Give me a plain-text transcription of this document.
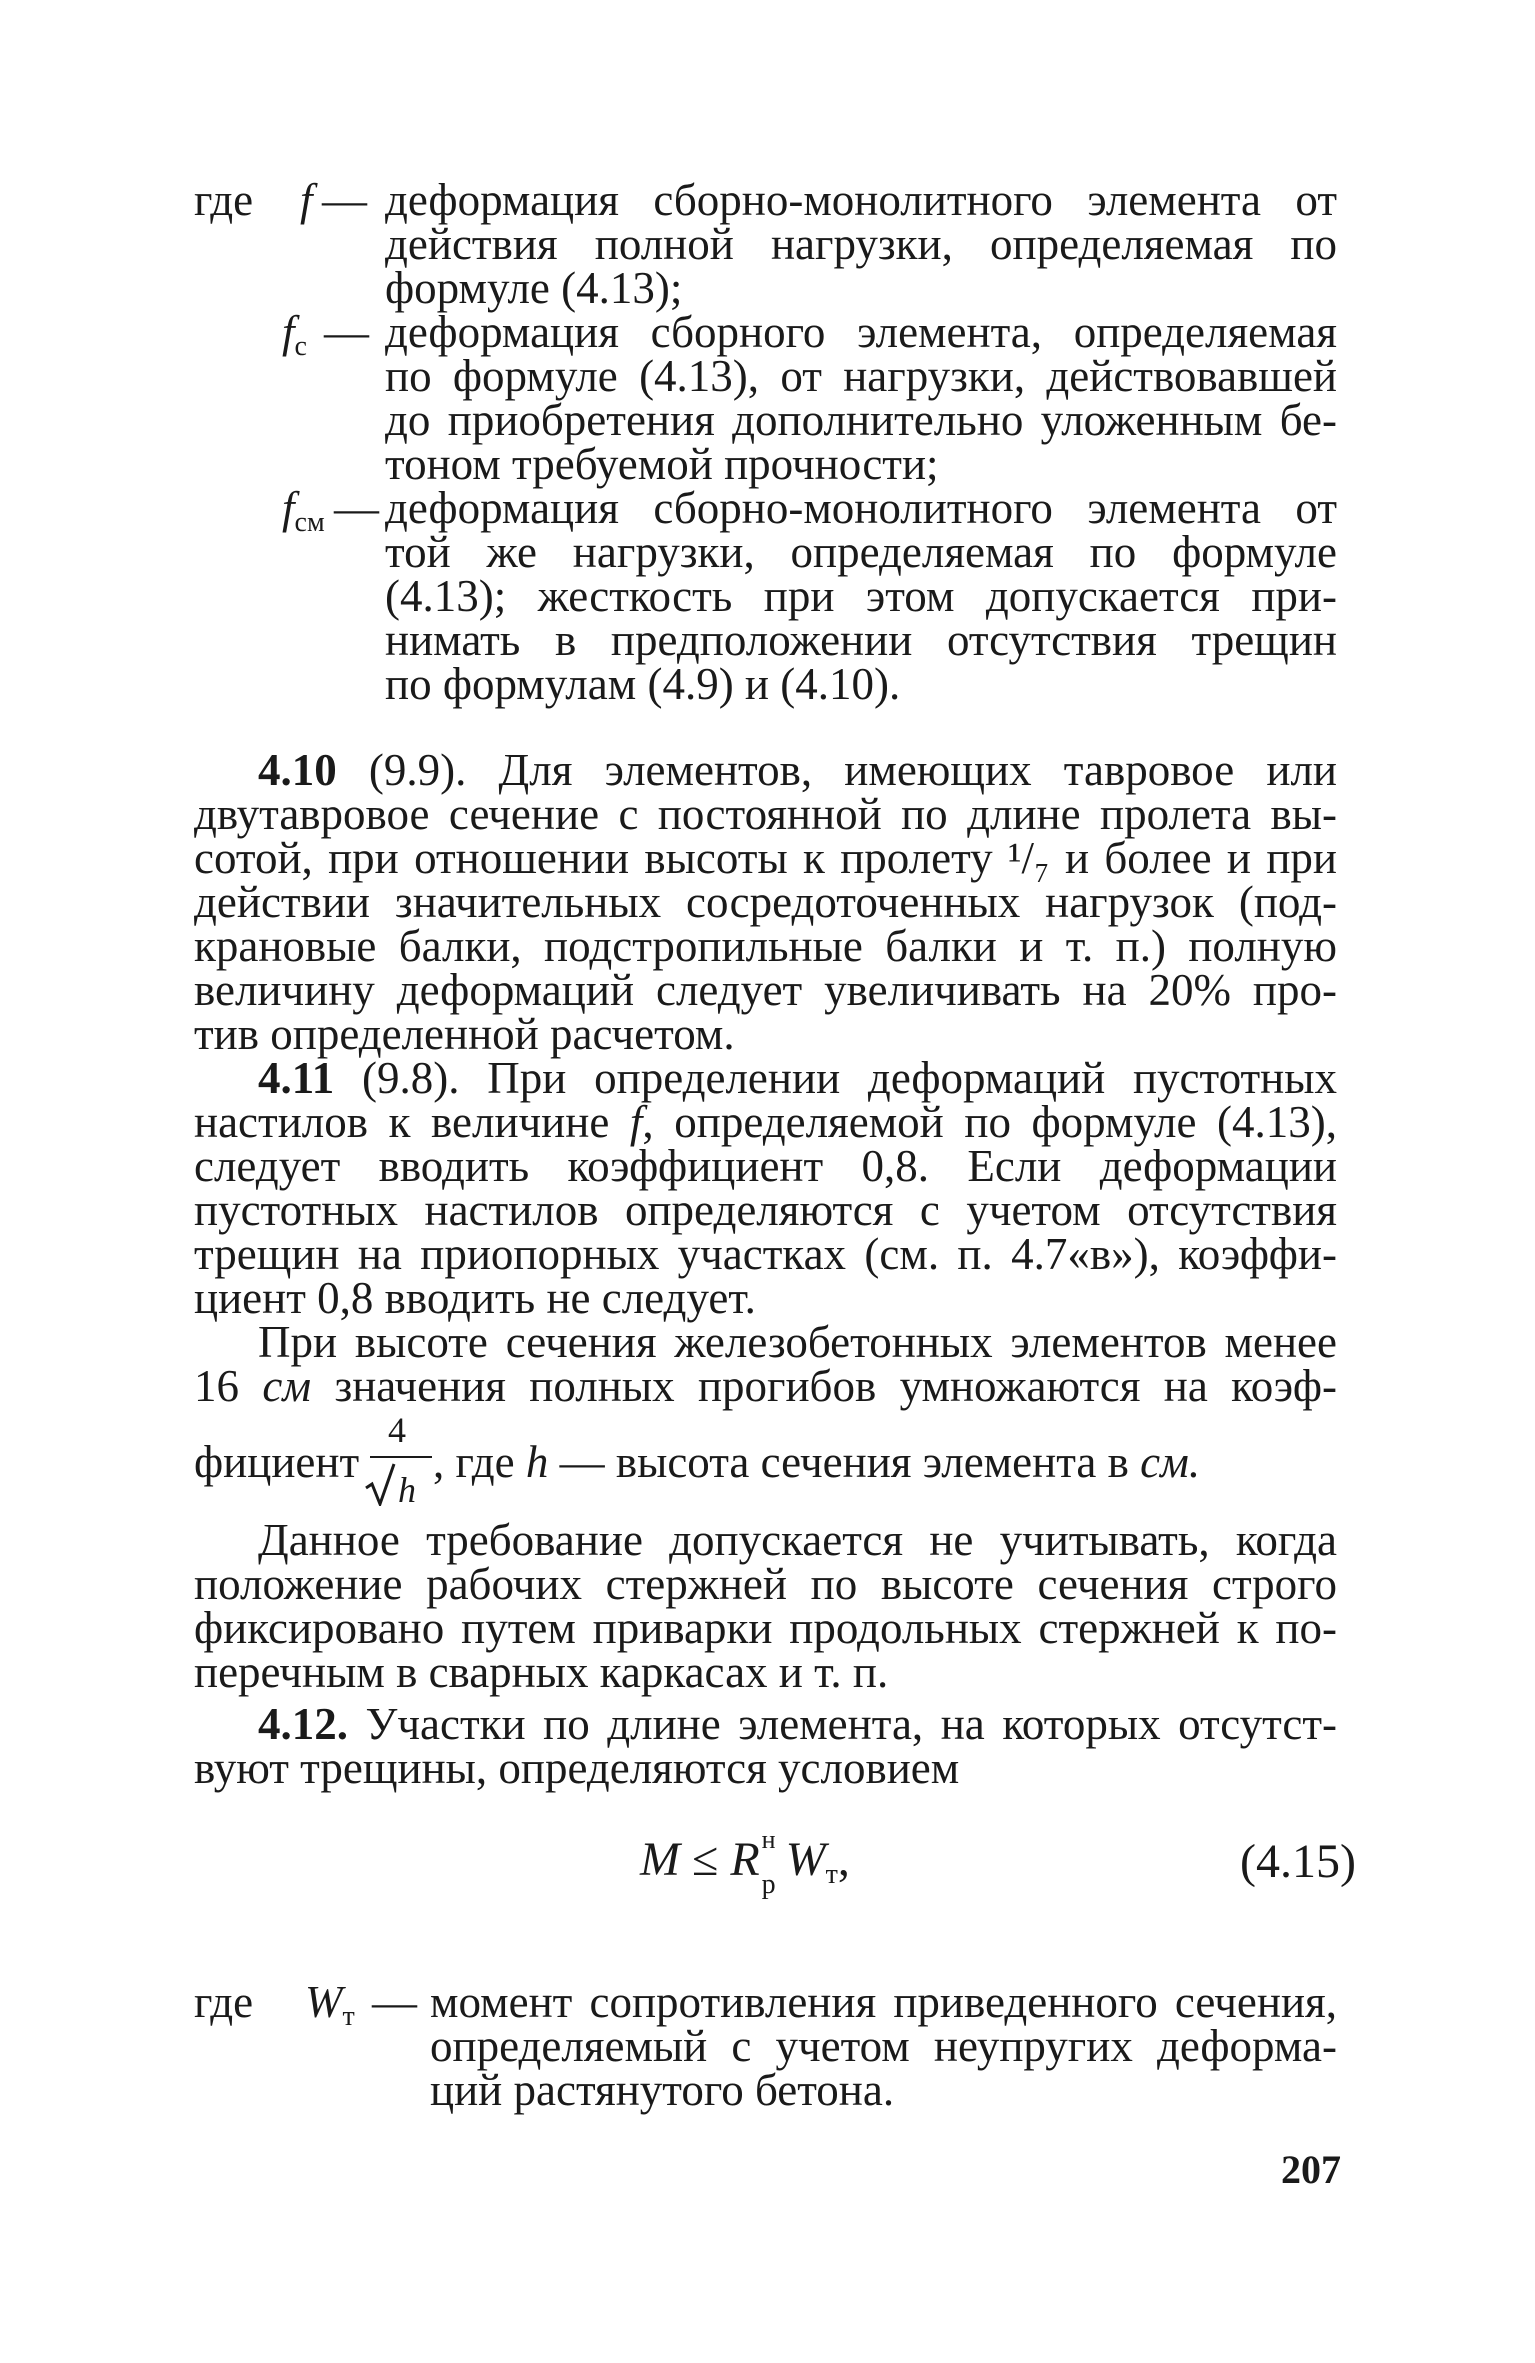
где f — деформация сборно-монолитного элемента от
действия полной нагрузки, определяемая по
формуле (4.13);
$f_с$ — деформация сборного элемента, определяемая
по формуле (4.13), от нагрузки, действовавшей
до приобретения дополнительно уложенным бе-
тоном требуемой прочности;
$f_{см}$ — деформация сборно-монолитного элемента от
той же нагрузки, определяемая по формуле
(4.13); жесткость при этом допускается при-
нимать в предположении отсутствия трещин
по формулам (4.9) и (4.10).
4.10 (9.9). Для элементов, имеющих тавровое или
двутавровое сечение с постоянной по длине пролета вы-
сотой, при отношении высоты к пролету ¹/₇ и более и при
действии значительных сосредоточенных нагрузок (под-
крановые балки, подстропильные балки и т. п.) полную
величину деформаций следует увеличивать на 20% про-
тив определенной расчетом.
4.11 (9.8). При определении деформаций пустотных
настилов к величине f, определяемой по формуле (4.13),
следует вводить коэффициент 0,8. Если деформации
пустотных настилов определяются с учетом отсутствия
трещин на приопорных участках (см. п. 4.7«в»), коэффи-
циент 0,8 вводить не следует.
При высоте сечения железобетонных элементов менее
16 см значения полных прогибов умножаются на коэф-
фициент
4
h
, где h — высота сечения элемента в см.
Данное требование допускается не учитывать, когда
положение рабочих стержней по высоте сечения строго
фиксировано путем приварки продольных стержней к по-
перечным в сварных каркасах и т. п.
4.12. Участки по длине элемента, на которых отсутст-
вуют трещины, определяются условием
M ≤ R н
р $W_т$,	(4.15)
где $W_т$ — момент сопротивления приведенного сечения,
определяемый с учетом неупругих деформа-
ций растянутого бетона.
207
